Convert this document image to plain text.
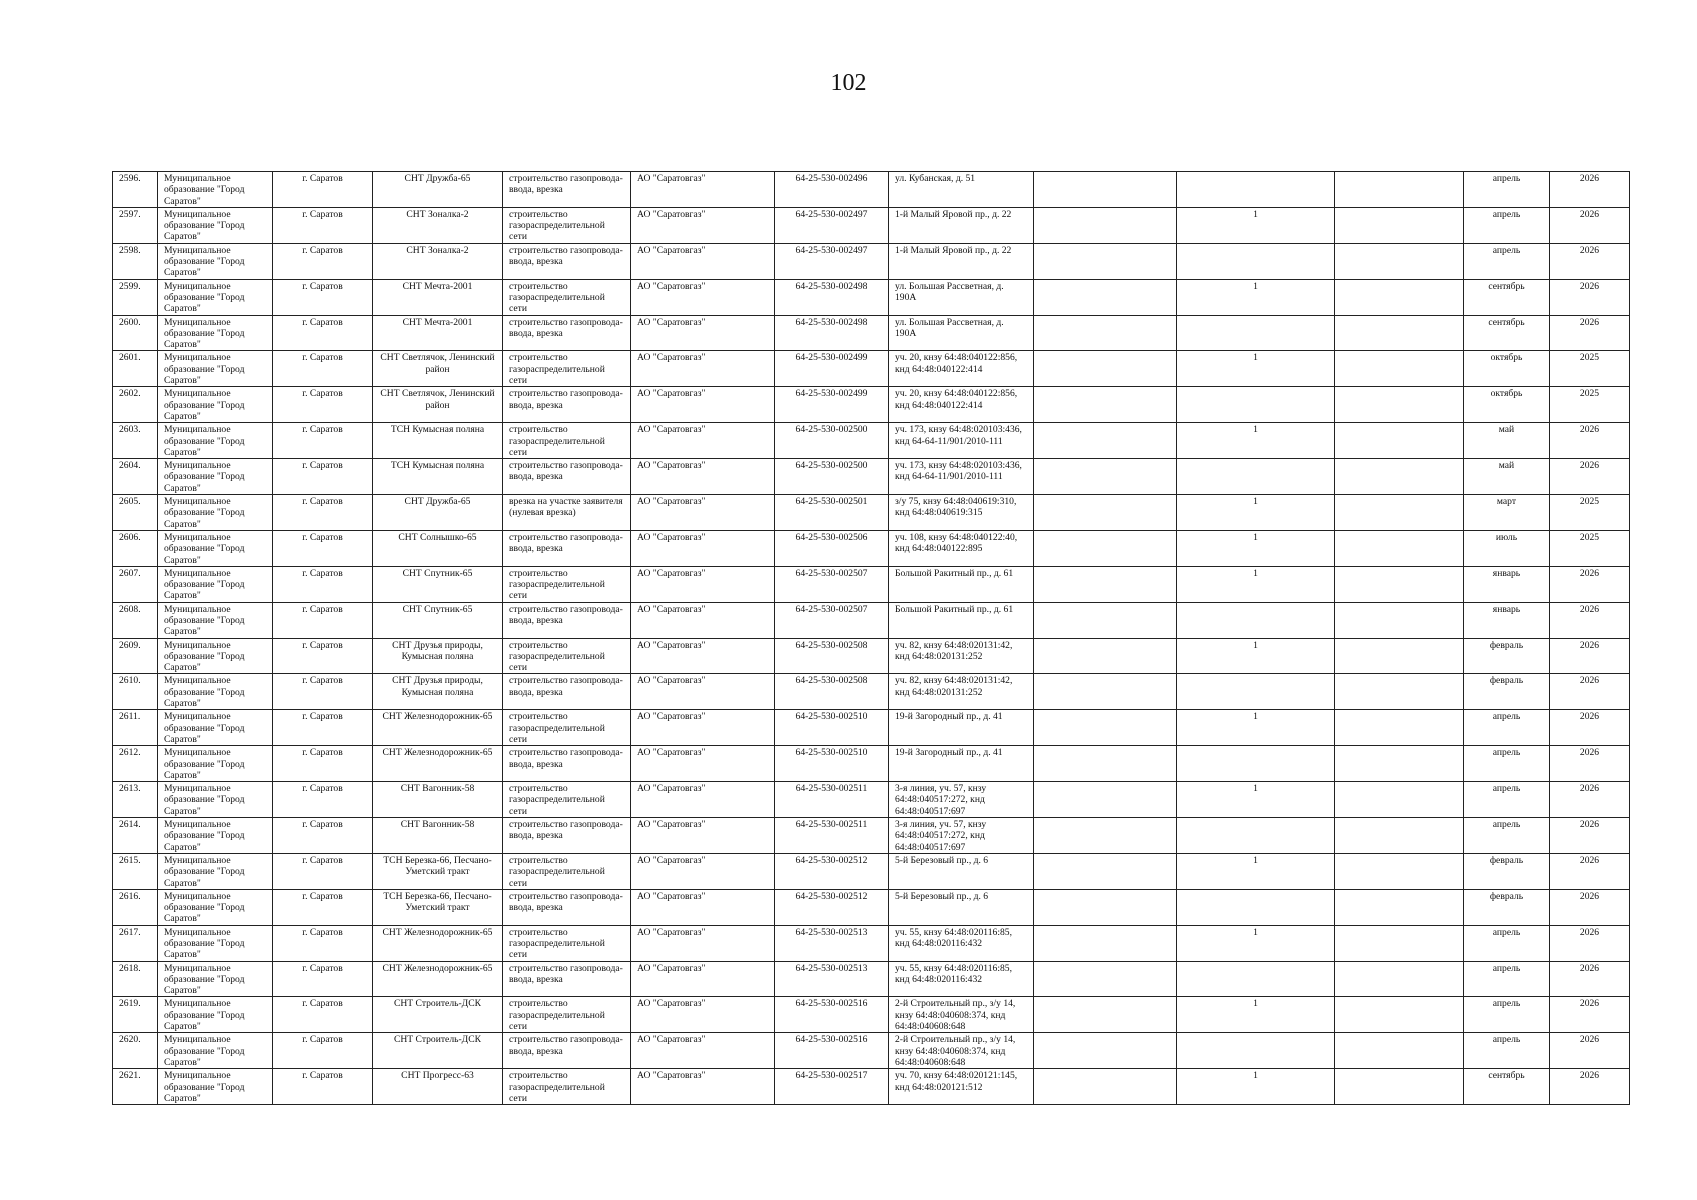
102
2596.	Муниципальное образование "Город Саратов"	г. Саратов	СНТ Дружба-65	строительство газопровода-ввода, врезка	АО "Саратовгаз"	64-25-530-002496	ул. Кубанская, д. 51				апрель	2026
2597.	Муниципальное образование "Город Саратов"	г. Саратов	СНТ Зоналка-2	строительство газораспределительной сети	АО "Саратовгаз"	64-25-530-002497	1-й Малый Яровой пр., д. 22		1		апрель	2026
2598.	Муниципальное образование "Город Саратов"	г. Саратов	СНТ Зоналка-2	строительство газопровода-ввода, врезка	АО "Саратовгаз"	64-25-530-002497	1-й Малый Яровой пр., д. 22				апрель	2026
2599.	Муниципальное образование "Город Саратов"	г. Саратов	СНТ Мечта-2001	строительство газораспределительной сети	АО "Саратовгаз"	64-25-530-002498	ул. Большая Рассветная, д. 190А		1		сентябрь	2026
2600.	Муниципальное образование "Город Саратов"	г. Саратов	СНТ Мечта-2001	строительство газопровода-ввода, врезка	АО "Саратовгаз"	64-25-530-002498	ул. Большая Рассветная, д. 190А				сентябрь	2026
2601.	Муниципальное образование "Город Саратов"	г. Саратов	СНТ Светлячок, Ленинский район	строительство газораспределительной сети	АО "Саратовгаз"	64-25-530-002499	уч. 20, кнзу 64:48:040122:856, кнд 64:48:040122:414		1		октябрь	2025
2602.	Муниципальное образование "Город Саратов"	г. Саратов	СНТ Светлячок, Ленинский район	строительство газопровода-ввода, врезка	АО "Саратовгаз"	64-25-530-002499	уч. 20, кнзу 64:48:040122:856, кнд 64:48:040122:414				октябрь	2025
2603.	Муниципальное образование "Город Саратов"	г. Саратов	ТСН Кумысная поляна	строительство газораспределительной сети	АО "Саратовгаз"	64-25-530-002500	уч. 173, кнзу 64:48:020103:436, кнд 64-64-11/901/2010-111		1		май	2026
2604.	Муниципальное образование "Город Саратов"	г. Саратов	ТСН Кумысная поляна	строительство газопровода-ввода, врезка	АО "Саратовгаз"	64-25-530-002500	уч. 173, кнзу 64:48:020103:436, кнд 64-64-11/901/2010-111				май	2026
2605.	Муниципальное образование "Город Саратов"	г. Саратов	СНТ Дружба-65	врезка на участке заявителя (нулевая врезка)	АО "Саратовгаз"	64-25-530-002501	з/у 75, кнзу 64:48:040619:310, кнд 64:48:040619:315		1		март	2025
2606.	Муниципальное образование "Город Саратов"	г. Саратов	СНТ Солнышко-65	строительство газопровода-ввода, врезка	АО "Саратовгаз"	64-25-530-002506	уч. 108, кнзу 64:48:040122:40, кнд 64:48:040122:895		1		июль	2025
2607.	Муниципальное образование "Город Саратов"	г. Саратов	СНТ Спутник-65	строительство газораспределительной сети	АО "Саратовгаз"	64-25-530-002507	Большой Ракитный пр., д. 61		1		январь	2026
2608.	Муниципальное образование "Город Саратов"	г. Саратов	СНТ Спутник-65	строительство газопровода-ввода, врезка	АО "Саратовгаз"	64-25-530-002507	Большой Ракитный пр., д. 61				январь	2026
2609.	Муниципальное образование "Город Саратов"	г. Саратов	СНТ Друзья природы, Кумысная поляна	строительство газораспределительной сети	АО "Саратовгаз"	64-25-530-002508	уч. 82, кнзу 64:48:020131:42, кнд 64:48:020131:252		1		февраль	2026
2610.	Муниципальное образование "Город Саратов"	г. Саратов	СНТ Друзья природы, Кумысная поляна	строительство газопровода-ввода, врезка	АО "Саратовгаз"	64-25-530-002508	уч. 82, кнзу 64:48:020131:42, кнд 64:48:020131:252				февраль	2026
2611.	Муниципальное образование "Город Саратов"	г. Саратов	СНТ Железнодорожник-65	строительство газораспределительной сети	АО "Саратовгаз"	64-25-530-002510	19-й Загородный пр., д. 41		1		апрель	2026
2612.	Муниципальное образование "Город Саратов"	г. Саратов	СНТ Железнодорожник-65	строительство газопровода-ввода, врезка	АО "Саратовгаз"	64-25-530-002510	19-й Загородный пр., д. 41				апрель	2026
2613.	Муниципальное образование "Город Саратов"	г. Саратов	СНТ Вагонник-58	строительство газораспределительной сети	АО "Саратовгаз"	64-25-530-002511	3-я линия, уч. 57, кнзу 64:48:040517:272, кнд 64:48:040517:697		1		апрель	2026
2614.	Муниципальное образование "Город Саратов"	г. Саратов	СНТ Вагонник-58	строительство газопровода-ввода, врезка	АО "Саратовгаз"	64-25-530-002511	3-я линия, уч. 57, кнзу 64:48:040517:272, кнд 64:48:040517:697				апрель	2026
2615.	Муниципальное образование "Город Саратов"	г. Саратов	ТСН Березка-66, Песчано-Уметский тракт	строительство газораспределительной сети	АО "Саратовгаз"	64-25-530-002512	5-й Березовый пр., д. 6		1		февраль	2026
2616.	Муниципальное образование "Город Саратов"	г. Саратов	ТСН Березка-66, Песчано-Уметский тракт	строительство газопровода-ввода, врезка	АО "Саратовгаз"	64-25-530-002512	5-й Березовый пр., д. 6				февраль	2026
2617.	Муниципальное образование "Город Саратов"	г. Саратов	СНТ Железнодорожник-65	строительство газораспределительной сети	АО "Саратовгаз"	64-25-530-002513	уч. 55, кнзу 64:48:020116:85, кнд 64:48:020116:432		1		апрель	2026
2618.	Муниципальное образование "Город Саратов"	г. Саратов	СНТ Железнодорожник-65	строительство газопровода-ввода, врезка	АО "Саратовгаз"	64-25-530-002513	уч. 55, кнзу 64:48:020116:85, кнд 64:48:020116:432				апрель	2026
2619.	Муниципальное образование "Город Саратов"	г. Саратов	СНТ Строитель-ДСК	строительство газораспределительной сети	АО "Саратовгаз"	64-25-530-002516	2-й Строительный пр., з/у 14, кнзу 64:48:040608:374, кнд 64:48:040608:648		1		апрель	2026
2620.	Муниципальное образование "Город Саратов"	г. Саратов	СНТ Строитель-ДСК	строительство газопровода-ввода, врезка	АО "Саратовгаз"	64-25-530-002516	2-й Строительный пр., з/у 14, кнзу 64:48:040608:374, кнд 64:48:040608:648				апрель	2026
2621.	Муниципальное образование "Город Саратов"	г. Саратов	СНТ Прогресс-63	строительство газораспределительной сети	АО "Саратовгаз"	64-25-530-002517	уч. 70, кнзу 64:48:020121:145, кнд 64:48:020121:512		1		сентябрь	2026
